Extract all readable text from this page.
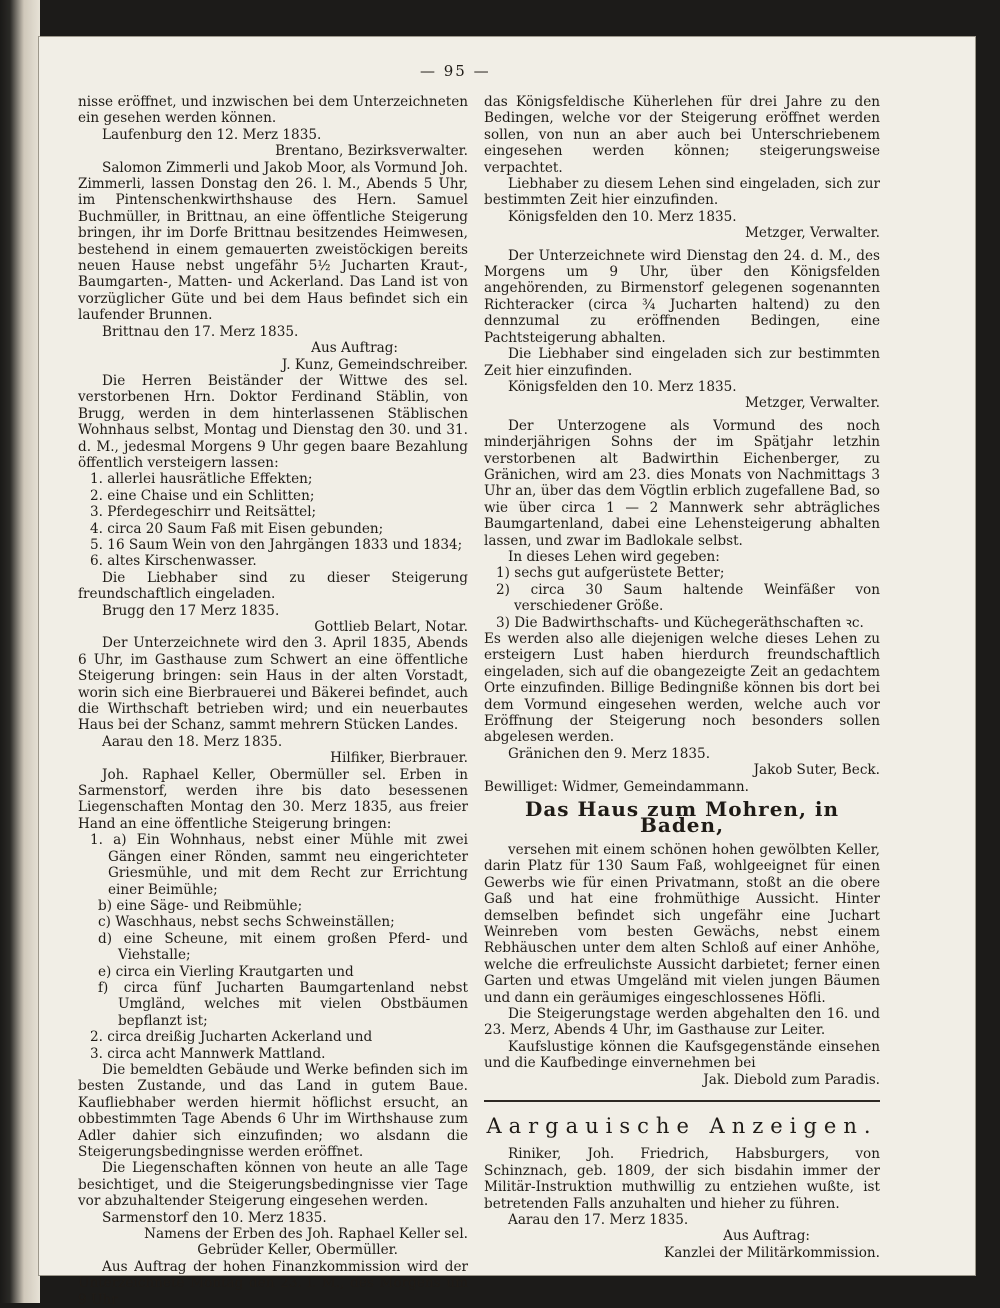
— 95 —

nisse eröffnet, und inzwischen bei dem Unterzeichneten ein gesehen werden können.

Laufenburg den 12. Merz 1835.

Brentano, Bezirksverwalter.

Salomon Zimmerli und Jakob Moor, als Vormund Joh. Zimmerli, lassen Donstag den 26. l. M., Abends 5 Uhr, im Pintenschenkwirthshause des Hern. Samuel Buchmüller, in Brittnau, an eine öffentliche Steigerung bringen, ihr im Dorfe Brittnau besitzendes Heimwesen, bestehend in einem gemauerten zweistöckigen bereits neuen Hause nebst ungefähr 5½ Jucharten Kraut-, Baumgarten-, Matten- und Ackerland. Das Land ist von vorzüglicher Güte und bei dem Haus befindet sich ein laufender Brunnen.

Brittnau den 17. Merz 1835.

Aus Auftrag:

J. Kunz, Gemeindschreiber.

Die Herren Beiständer der Wittwe des sel. verstorbenen Hrn. Doktor Ferdinand Stäblin, von Brugg, werden in dem hinterlassenen Stäblischen Wohnhaus selbst, Montag und Dienstag den 30. und 31. d. M., jedesmal Morgens 9 Uhr gegen baare Bezahlung öffentlich versteigern lassen:

1. allerlei hausrätliche Effekten;

2. eine Chaise und ein Schlitten;

3. Pferdegeschirr und Reitsättel;

4. circa 20 Saum Faß mit Eisen gebunden;

5. 16 Saum Wein von den Jahrgängen 1833 und 1834;

6. altes Kirschenwasser.

Die Liebhaber sind zu dieser Steigerung freundschaftlich eingeladen.

Brugg den 17 Merz 1835.

Gottlieb Belart, Notar.

Der Unterzeichnete wird den 3. April 1835, Abends 6 Uhr, im Gasthause zum Schwert an eine öffentliche Steigerung bringen: sein Haus in der alten Vorstadt, worin sich eine Bierbrauerei und Bäkerei befindet, auch die Wirthschaft betrieben wird; und ein neuerbautes Haus bei der Schanz, sammt mehrern Stücken Landes.

Aarau den 18. Merz 1835.

Hilfiker, Bierbrauer.

Joh. Raphael Keller, Obermüller sel. Erben in Sarmenstorf, werden ihre bis dato besessenen Liegenschaften Montag den 30. Merz 1835, aus freier Hand an eine öffentliche Steigerung bringen:

1. a) Ein Wohnhaus, nebst einer Mühle mit zwei Gängen einer Rönden, sammt neu eingerichteter Griesmühle, und mit dem Recht zur Errichtung einer Beimühle;

b) eine Säge- und Reibmühle;

c) Waschhaus, nebst sechs Schweinställen;

d) eine Scheune, mit einem großen Pferd- und Viehstalle;

e) circa ein Vierling Krautgarten und

f) circa fünf Jucharten Baumgartenland nebst Umgländ, welches mit vielen Obstbäumen bepflanzt ist;

2. circa dreißig Jucharten Ackerland und

3. circa acht Mannwerk Mattland.

Die bemeldten Gebäude und Werke befinden sich im besten Zustande, und das Land in gutem Baue. Kaufliebhaber werden hiermit höflichst ersucht, an obbestimmten Tage Abends 6 Uhr im Wirthshause zum Adler dahier sich einzufinden; wo alsdann die Steigerungsbedingnisse werden eröffnet.

Die Liegenschaften können von heute an alle Tage besichtiget, und die Steigerungsbedingnisse vier Tage vor abzuhaltender Steigerung eingesehen werden.

Sarmenstorf den 10. Merz 1835.

Namens der Erben des Joh. Raphael Keller sel.

Gebrüder Keller, Obermüller.

Aus Auftrag der hohen Finanzkommission wird der Unterzeichnete Montag den 23. l. M., des Morgens um 9 Uhr

das Königsfeldische Küherlehen für drei Jahre zu den Bedingen, welche vor der Steigerung eröffnet werden sollen, von nun an aber auch bei Unterschriebenem eingesehen werden können; steigerungsweise verpachtet.

Liebhaber zu diesem Lehen sind eingeladen, sich zur bestimmten Zeit hier einzufinden.

Königsfelden den 10. Merz 1835.

Metzger, Verwalter.

Der Unterzeichnete wird Dienstag den 24. d. M., des Morgens um 9 Uhr, über den Königsfelden angehörenden, zu Birmenstorf gelegenen sogenannten Richteracker (circa ¾ Jucharten haltend) zu den dennzumal zu eröffnenden Bedingen, eine Pachtsteigerung abhalten.

Die Liebhaber sind eingeladen sich zur bestimmten Zeit hier einzufinden.

Königsfelden den 10. Merz 1835.

Metzger, Verwalter.

Der Unterzogene als Vormund des noch minderjährigen Sohns der im Spätjahr letzhin verstorbenen alt Badwirthin Eichenberger, zu Gränichen, wird am 23. dies Monats von Nachmittags 3 Uhr an, über das dem Vögtlin erblich zugefallene Bad, so wie über circa 1 — 2 Mannwerk sehr abträgliches Baumgartenland, dabei eine Lehensteigerung abhalten lassen, und zwar im Badlokale selbst.

In dieses Lehen wird gegeben:

1) sechs gut aufgerüstete Better;

2) circa 30 Saum haltende Weinfäßer von verschiedener Größe.

3) Die Badwirthschafts- und Küchegeräthschaften ꝛc.

Es werden also alle diejenigen welche dieses Lehen zu ersteigern Lust haben hierdurch freundschaftlich eingeladen, sich auf die obangezeigte Zeit an gedachtem Orte einzufinden. Billige Bedingniße können bis dort bei dem Vormund eingesehen werden, welche auch vor Eröffnung der Steigerung noch besonders sollen abgelesen werden.

Gränichen den 9. Merz 1835.

Jakob Suter, Beck.

Bewilliget: Widmer, Gemeindammann.

Das Haus zum Mohren, in Baden,

versehen mit einem schönen hohen gewölbten Keller, darin Platz für 130 Saum Faß, wohlgeeignet für einen Gewerbs wie für einen Privatmann, stoßt an die obere Gaß und hat eine frohmüthige Aussicht. Hinter demselben befindet sich ungefähr eine Juchart Weinreben vom besten Gewächs, nebst einem Rebhäuschen unter dem alten Schloß auf einer Anhöhe, welche die erfreulichste Aussicht darbietet; ferner einen Garten und etwas Umgeländ mit vielen jungen Bäumen und dann ein geräumiges eingeschlossenes Höfli.

Die Steigerungstage werden abgehalten den 16. und 23. Merz, Abends 4 Uhr, im Gasthause zur Leiter.

Kaufslustige können die Kaufsgegenstände einsehen und die Kaufbedinge einvernehmen bei

Jak. Diebold zum Paradis.

Aargauische Anzeigen.

Riniker, Joh. Friedrich, Habsburgers, von Schinznach, geb. 1809, der sich bisdahin immer der Militär-Instruktion muthwillig zu entziehen wußte, ist betretenden Falls anzuhalten und hieher zu führen.

Aarau den 17. Merz 1835.

Aus Auftrag:

Kanzlei der Militärkommission.
